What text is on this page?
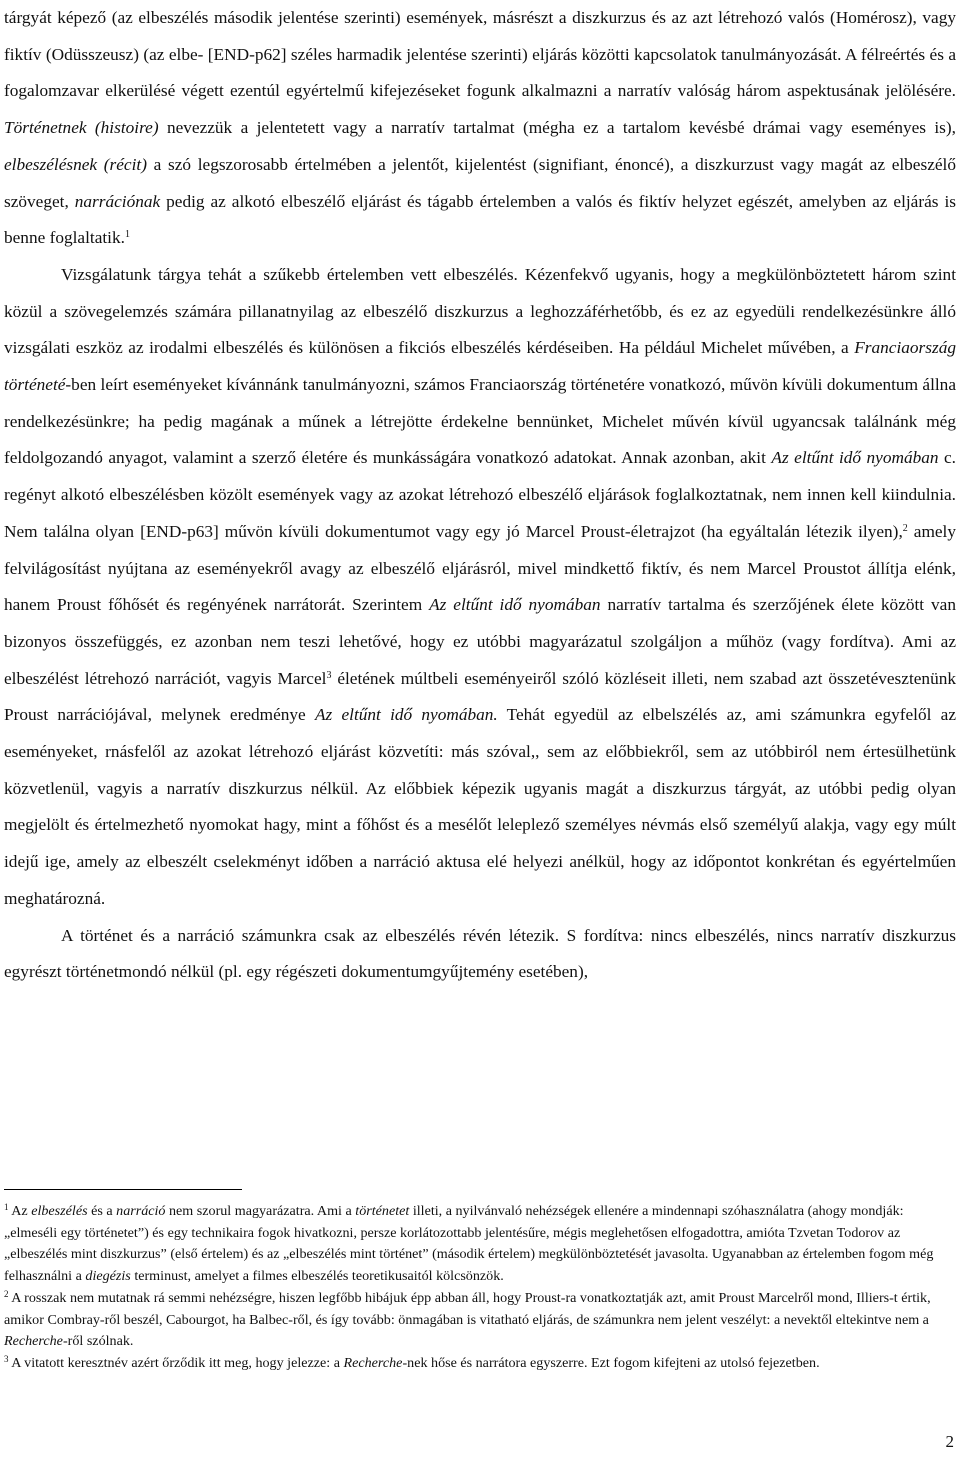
tárgyát képező (az elbeszélés második jelentése szerinti) események, másrészt a diszkurzus és az azt létrehozó valós (Homérosz), vagy fiktív (Odüsszeusz) (az elbe- [END-p62] széles harmadik jelentése szerinti) eljárás közötti kapcsolatok tanulmányozását. A félreértés és a fogalomzavar elkerülésé végett ezentúl egyértelmű kifejezéseket fogunk alkalmazni a narratív valóság három aspektusának jelölésére. Történetnek (histoire) nevezzük a jelentetett vagy a narratív tartalmat (mégha ez a tartalom kevésbé drámai vagy eseményes is), elbeszélésnek (récit) a szó legszorosabb értelmében a jelentőt, kijelentést (signifiant, énoncé), a diszkurzust vagy magát az elbeszélő szöveget, narrációnak pedig az alkotó elbeszélő eljárást és tágabb értelemben a valós és fiktív helyzet egészét, amelyben az eljárás is benne foglaltatik.$^1$

Vizsgálatunk tárgya tehát a szűkebb értelemben vett elbeszélés. Kézenfekvő ugyanis, hogy a megkülönböztetett három szint közül a szövegelemzés számára pillanatnyilag az elbeszélő diszkurzus a leghozzáférhetőbb, és ez az egyedüli rendelkezésünkre álló vizsgálati eszköz az irodalmi elbeszélés és különösen a fikciós elbeszélés kérdéseiben. Ha például Michelet művében, a Franciaország történeté-ben leírt eseményeket kívánnánk tanulmányozni, számos Franciaország történetére vonatkozó, művön kívüli dokumentum állna rendelkezésünkre; ha pedig magának a műnek a létrejötte érdekelne bennünket, Michelet művén kívül ugyancsak találnánk még feldolgozandó anyagot, valamint a szerző életére és munkásságára vonatkozó adatokat. Annak azonban, akit Az eltűnt idő nyomában c. regényt alkotó elbeszélésben közölt események vagy az azokat létrehozó elbeszélő eljárások foglalkoztatnak, nem innen kell kiindulnia. Nem találna olyan [END-p63] művön kívüli dokumentumot vagy egy jó Marcel Proust-életrajzot (ha egyáltalán létezik ilyen),$^2$ amely felvilágosítást nyújtana az eseményekről avagy az elbeszélő eljárásról, mivel mindkettő fiktív, és nem Marcel Proustot állítja elénk, hanem Proust főhősét és regényének narrátorát. Szerintem Az eltűnt idő nyomában narratív tartalma és szerzőjének élete között van bizonyos összefüggés, ez azonban nem teszi lehetővé, hogy ez utóbbi magyarázatul szolgáljon a műhöz (vagy fordítva). Ami az elbeszélést létrehozó narrációt, vagyis Marcel$^3$ életének múltbeli eseményeiről szóló közléseit illeti, nem szabad azt összetévesztenünk Proust narrációjával, melynek eredménye Az eltűnt idő nyomában. Tehát egyedül az elbelszélés az, ami számunkra egyfelől az eseményeket, rnásfelől az azokat létrehozó eljárást közvetíti: más szóval,, sem az előbbiekről, sem az utóbbiról nem értesülhetünk közvetlenül, vagyis a narratív diszkurzus nélkül. Az előbbiek képezik ugyanis magát a diszkurzus tárgyát, az utóbbi pedig olyan megjelölt és értelmezhető nyomokat hagy, mint a főhőst és a mesélőt leleplező személyes névmás első személyű alakja, vagy egy múlt idejű ige, amely az elbeszélt cselekményt időben a narráció aktusa elé helyezi anélkül, hogy az időpontot konkrétan és egyértelműen meghatározná.

A történet és a narráció számunkra csak az elbeszélés révén létezik. S fordítva: nincs elbeszélés, nincs narratív diszkurzus egyrészt történetmondó nélkül (pl. egy régészeti dokumentumgyűjtemény esetében),

$^1$ Az elbeszélés és a narráció nem szorul magyarázatra. Ami a történetet illeti, a nyilvánvaló nehézségek ellenére a mindennapi szóhasználatra (ahogy mondják: „elmeséli egy történetet”) és egy technikaira fogok hivatkozni, persze korlátozottabb jelentésűre, mégis meglehetősen elfogadottra, amióta Tzvetan Todorov az „elbeszélés mint diszkurzus” (első értelem) és az „elbeszélés mint történet” (második értelem) megkülönböztetését javasolta. Ugyanabban az értelemben fogom még felhasználni a diegézis terminust, amelyet a filmes elbeszélés teoretikusaitól kölcsönzök.

$^2$ A rosszak nem mutatnak rá semmi nehézségre, hiszen legfőbb hibájuk épp abban áll, hogy Proust-ra vonatkoztatják azt, amit Proust Marcelről mond, Illiers-t értik, amikor Combray-ről beszél, Cabourgot, ha Balbec-ről, és így tovább: önmagában is vitatható eljárás, de számunkra nem jelent veszélyt: a nevektől eltekintve nem a Recherche-ről szólnak.

$^3$ A vitatott keresztnév azért őrződik itt meg, hogy jelezze: a Recherche-nek hőse és narrátora egyszerre. Ezt fogom kifejteni az utolsó fejezetben.

2
